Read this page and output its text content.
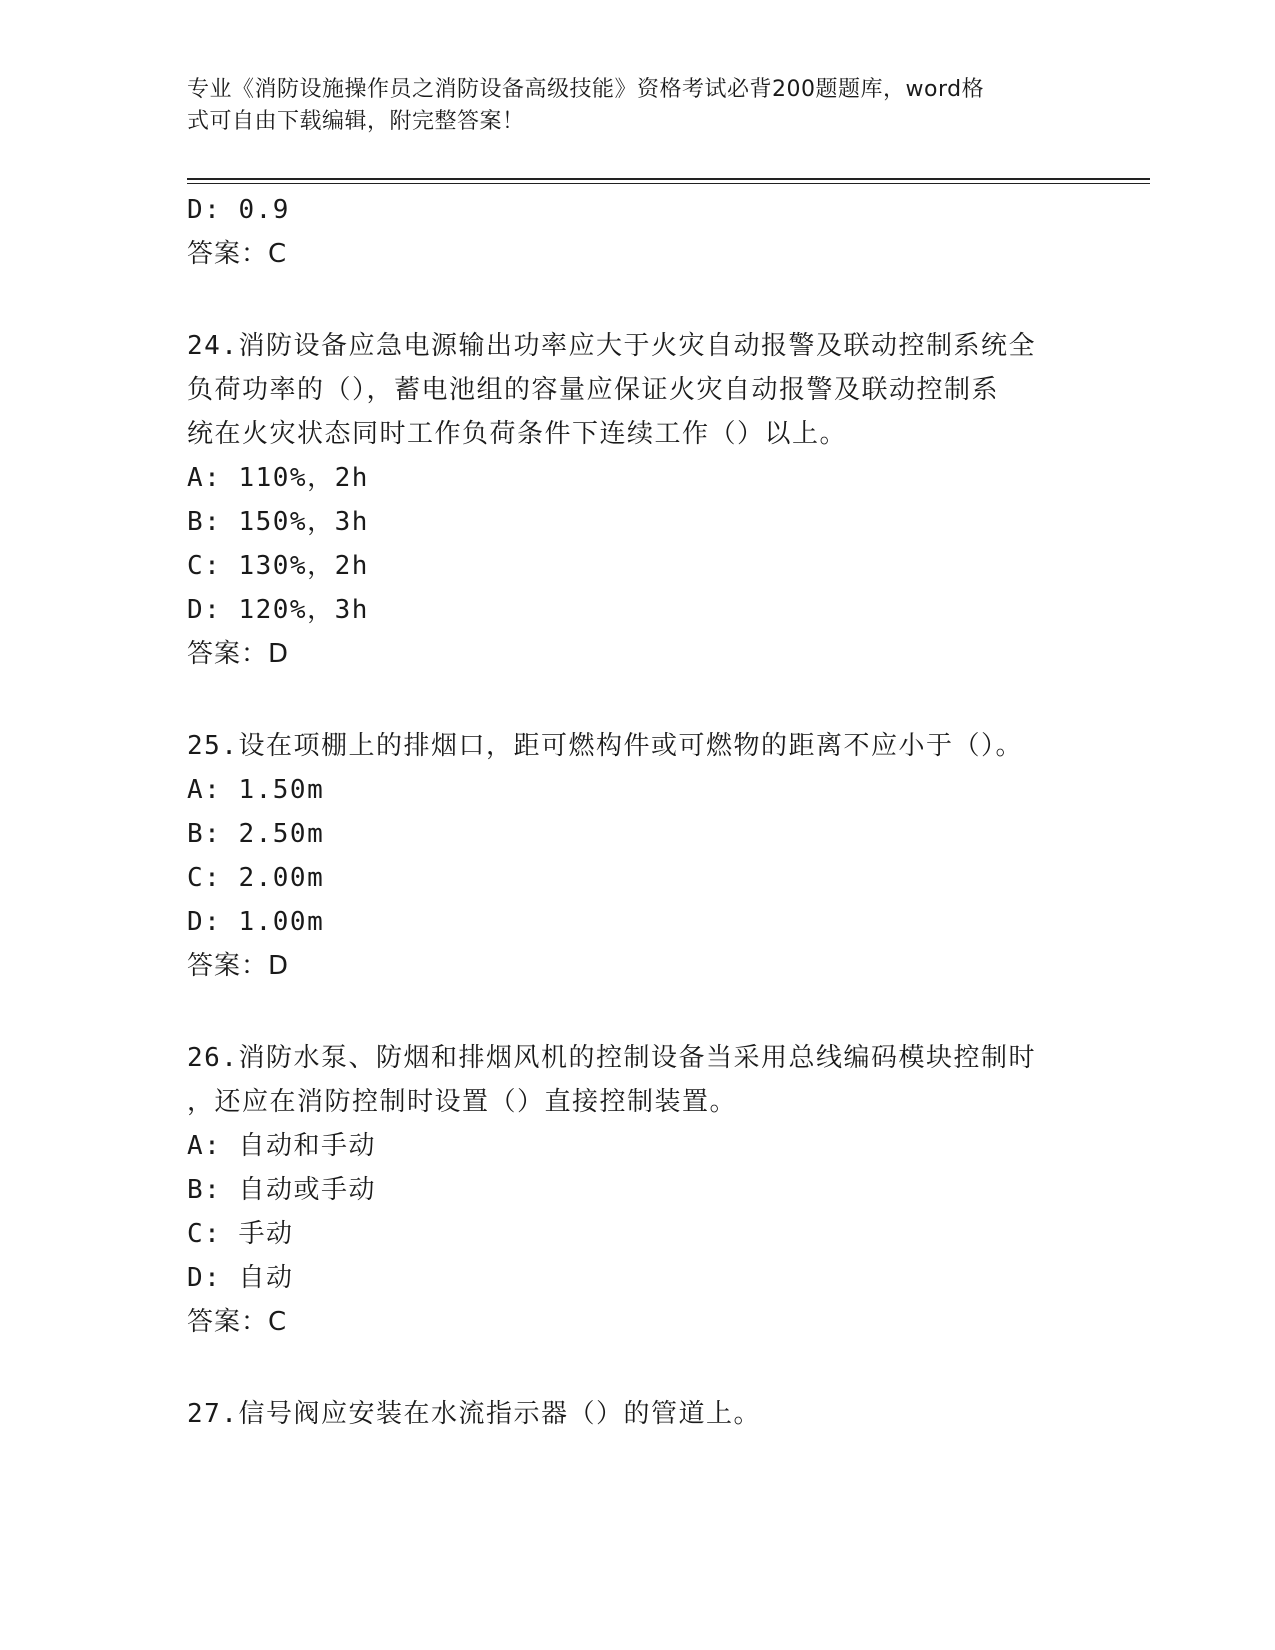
专业《消防设施操作员之消防设备高级技能》资格考试必背200题题库，word格
式可自由下载编辑，附完整答案！
D: 0.9
答案：C
24.消防设备应急电源输出功率应大于火灾自动报警及联动控制系统全
负荷功率的（），蓄电池组的容量应保证火灾自动报警及联动控制系
统在火灾状态同时工作负荷条件下连续工作（）以上。
A: 110%，2h
B: 150%，3h
C: 130%，2h
D: 120%，3h
答案：D
25.设在项棚上的排烟口，距可燃构件或可燃物的距离不应小于（）。
A: 1.50m
B: 2.50m
C: 2.00m
D: 1.00m
答案：D
26.消防水泵、防烟和排烟风机的控制设备当采用总线编码模块控制时
，还应在消防控制时设置（）直接控制装置。
A: 自动和手动
B: 自动或手动
C: 手动
D: 自动
答案：C
27.信号阀应安装在水流指示器（）的管道上。
